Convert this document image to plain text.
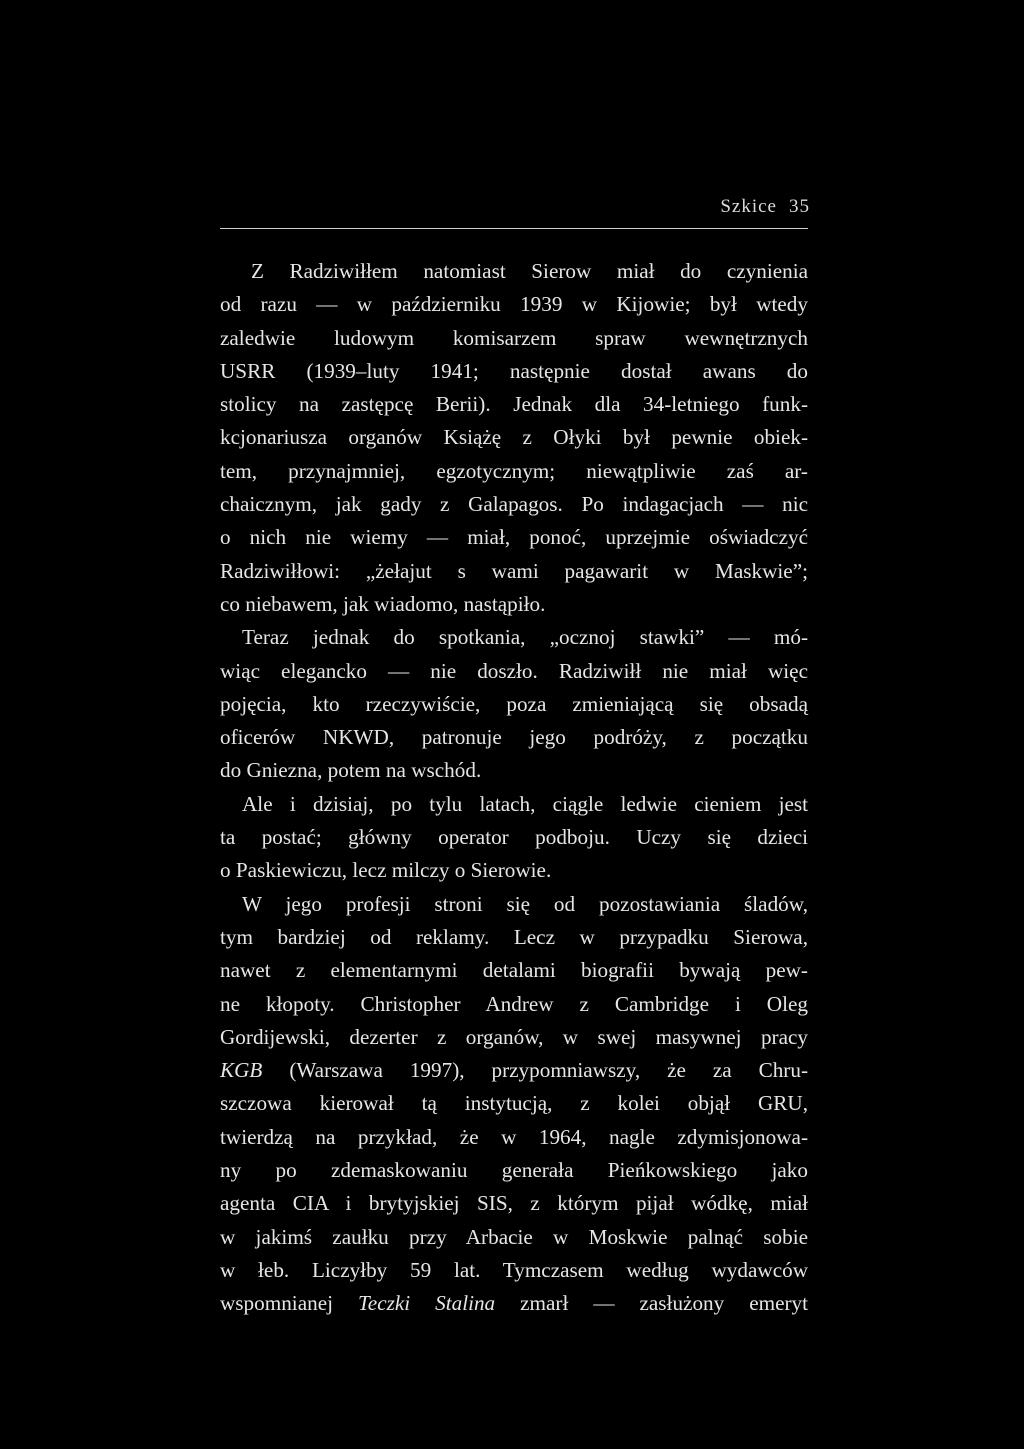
Szkice 35
Z Radziwiłłem natomiast Sierow miał do czynienia
od razu — w październiku 1939 w Kijowie; był wtedy
zaledwie ludowym komisarzem spraw wewnętrznych
USRR (1939–luty 1941; następnie dostał awans do
stolicy na zastępcę Berii). Jednak dla 34-letniego funk-
kcjonariusza organów Książę z Ołyki był pewnie obiek-
tem, przynajmniej, egzotycznym; niewątpliwie zaś ar-
chaicznym, jak gady z Galapagos. Po indagacjach — nic
o nich nie wiemy — miał, ponoć, uprzejmie oświadczyć
Radziwiłłowi: „żełajut s wami pagawarit w Maskwie”;
co niebawem, jak wiadomo, nastąpiło.
Teraz jednak do spotkania, „ocznoj stawki” — mó-
wiąc elegancko — nie doszło. Radziwiłł nie miał więc
pojęcia, kto rzeczywiście, poza zmieniającą się obsadą
oficerów NKWD, patronuje jego podróży, z początku
do Gniezna, potem na wschód.
Ale i dzisiaj, po tylu latach, ciągle ledwie cieniem jest
ta postać; główny operator podboju. Uczy się dzieci
o Paskiewiczu, lecz milczy o Sierowie.
W jego profesji stroni się od pozostawiania śladów,
tym bardziej od reklamy. Lecz w przypadku Sierowa,
nawet z elementarnymi detalami biografii bywają pew-
ne kłopoty. Christopher Andrew z Cambridge i Oleg
Gordijewski, dezerter z organów, w swej masywnej pracy
KGB (Warszawa 1997), przypomniawszy, że za Chru-
szczowa kierował tą instytucją, z kolei objął GRU,
twierdzą na przykład, że w 1964, nagle zdymisjonowa-
ny po zdemaskowaniu generała Pieńkowskiego jako
agenta CIA i brytyjskiej SIS, z którym pijał wódkę, miał
w jakimś zaułku przy Arbacie w Moskwie palnąć sobie
w łeb. Liczyłby 59 lat. Tymczasem według wydawców
wspomnianej Teczki Stalina zmarł — zasłużony emeryt
